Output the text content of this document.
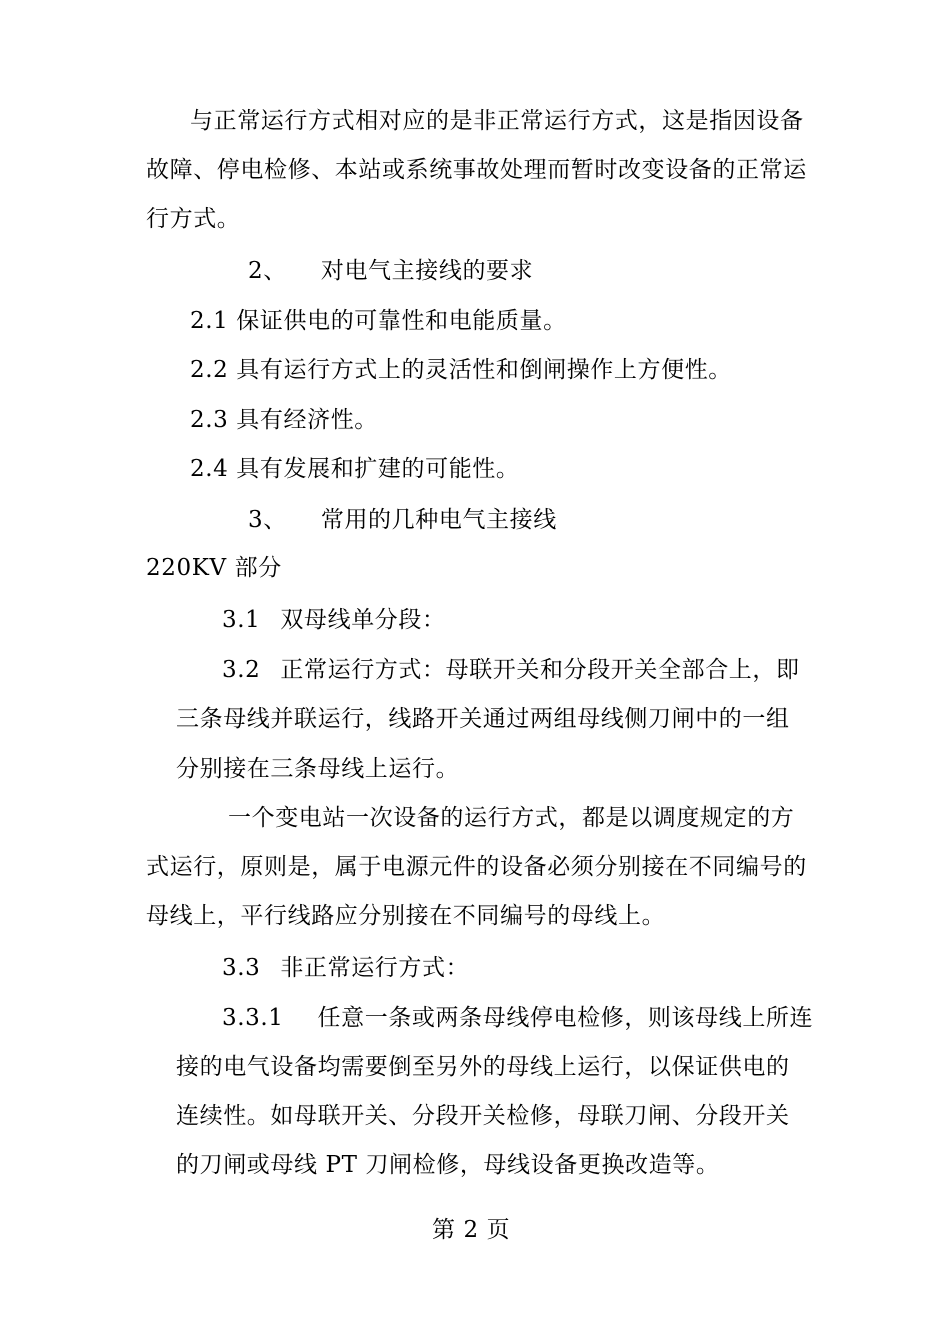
与正常运行方式相对应的是非正常运行方式，这是指因设备
故障、停电检修、本站或系统事故处理而暂时改变设备的正常运
行方式。
2、 对电气主接线的要求
2.1 保证供电的可靠性和电能质量。
2.2 具有运行方式上的灵活性和倒闸操作上方便性。
2.3 具有经济性。
2.4 具有发展和扩建的可能性。
3、 常用的几种电气主接线
220KV 部分
3.1 双母线单分段：
3.2 正常运行方式：母联开关和分段开关全部合上，即
三条母线并联运行，线路开关通过两组母线侧刀闸中的一组
分别接在三条母线上运行。
一个变电站一次设备的运行方式，都是以调度规定的方
式运行，原则是，属于电源元件的设备必须分别接在不同编号的
母线上，平行线路应分别接在不同编号的母线上。
3.3 非正常运行方式：
3.3.1 任意一条或两条母线停电检修，则该母线上所连
接的电气设备均需要倒至另外的母线上运行，以保证供电的
连续性。如母联开关、分段开关检修，母联刀闸、分段开关
的刀闸或母线 PT 刀闸检修，母线设备更换改造等。
第 2 页
